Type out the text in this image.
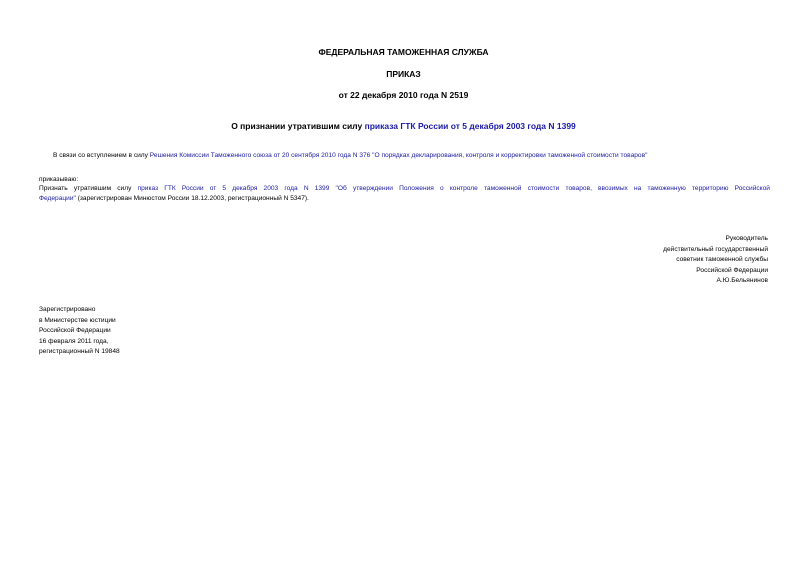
ФЕДЕРАЛЬНАЯ ТАМОЖЕННАЯ СЛУЖБА
ПРИКАЗ
от 22 декабря 2010 года N 2519
О признании утратившим силу приказа ГТК России от 5 декабря 2003 года N 1399
В связи со вступлением в силу Решения Комиссии Таможенного союза от 20 сентября 2010 года N 376 "О порядках декларирования, контроля и корректировки таможенной стоимости товаров"
приказываю:
Признать утратившим силу приказ ГТК России от 5 декабря 2003 года N 1399 "Об утверждении Положения о контроле таможенной стоимости товаров, ввозимых на таможенную территорию Российской
Федерации" (зарегистрирован Минюстом России 18.12.2003, регистрационный N 5347).
Руководитель
действительный государственный
советник таможенной службы
Российской Федерации
А.Ю.Бельянинов
Зарегистрировано
в Министерстве юстиции
Российской Федерации
16 февраля 2011 года,
регистрационный N 19848
